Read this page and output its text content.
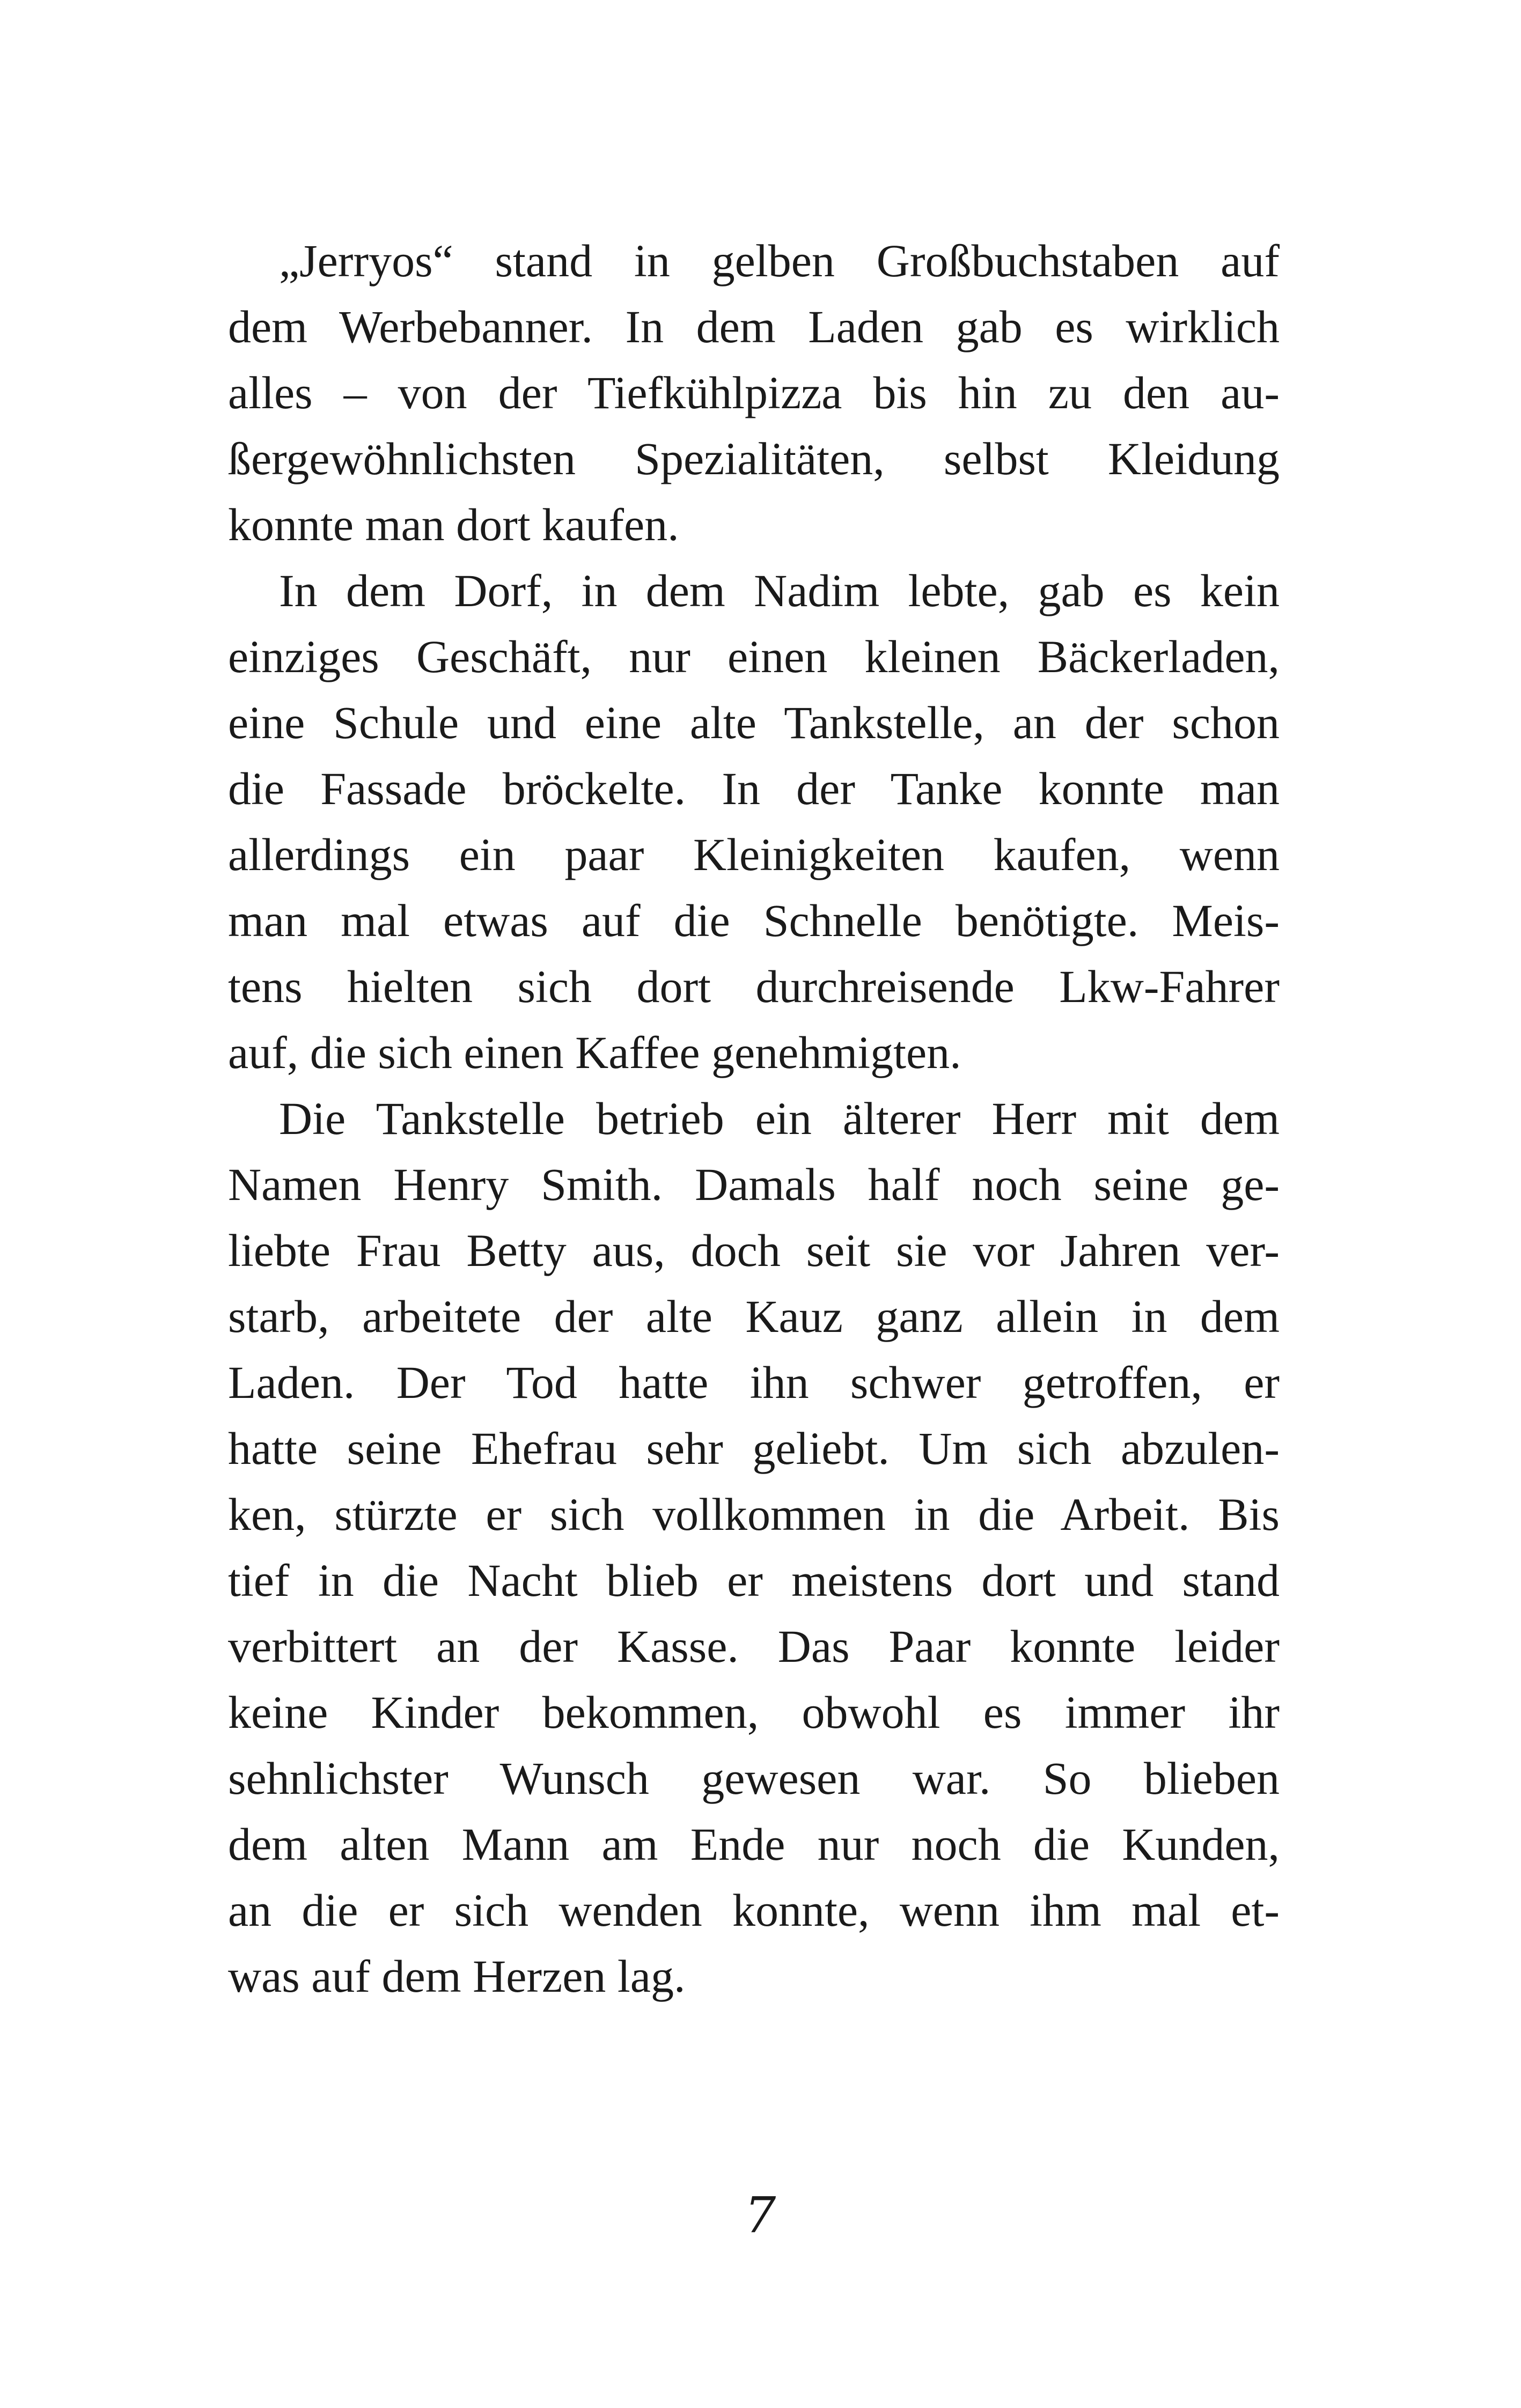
„Jerryos“ stand in gelben Großbuchstaben auf
dem Werbebanner. In dem Laden gab es wirklich
alles – von der Tiefkühlpizza bis hin zu den au-
ßergewöhnlichsten Spezialitäten, selbst Kleidung
konnte man dort kaufen.
In dem Dorf, in dem Nadim lebte, gab es kein
einziges Geschäft, nur einen kleinen Bäckerladen,
eine Schule und eine alte Tankstelle, an der schon
die Fassade bröckelte. In der Tanke konnte man
allerdings ein paar Kleinigkeiten kaufen, wenn
man mal etwas auf die Schnelle benötigte. Meis-
tens hielten sich dort durchreisende Lkw-Fahrer
auf, die sich einen Kaffee genehmigten.
Die Tankstelle betrieb ein älterer Herr mit dem
Namen Henry Smith. Damals half noch seine ge-
liebte Frau Betty aus, doch seit sie vor Jahren ver-
starb, arbeitete der alte Kauz ganz allein in dem
Laden. Der Tod hatte ihn schwer getroffen, er
hatte seine Ehefrau sehr geliebt. Um sich abzulen-
ken, stürzte er sich vollkommen in die Arbeit. Bis
tief in die Nacht blieb er meistens dort und stand
verbittert an der Kasse. Das Paar konnte leider
keine Kinder bekommen, obwohl es immer ihr
sehnlichster Wunsch gewesen war. So blieben
dem alten Mann am Ende nur noch die Kunden,
an die er sich wenden konnte, wenn ihm mal et-
was auf dem Herzen lag.
7
